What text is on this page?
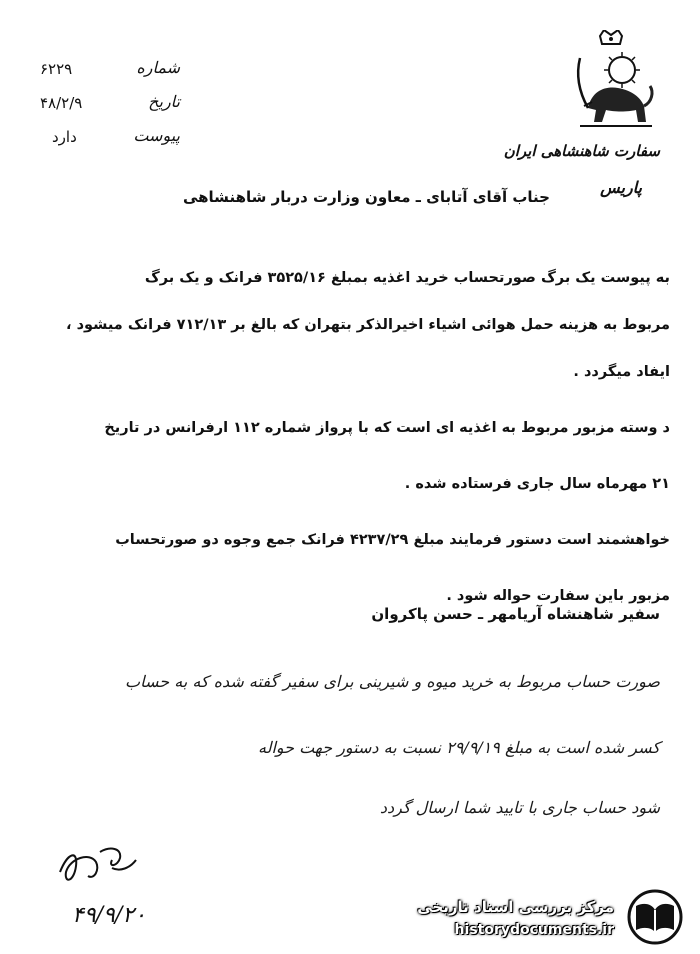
شماره
۶۲۲۹
تاریخ
۴۸/۲/۹
پیوست
دارد
سفارت شاهنشاهی ایران
پاریس
جناب آقای آتابای ـ معاون وزارت دربار شاهنشاهی
به پیوست یک برگ صورتحساب خرید اغذیه بمبلغ ۳۵۲۵/۱۶ فرانک و یک برگ
مربوط به هزینه حمل هوائی اشیاء اخیرالذکر بتهران که بالغ بر ۷۱۲/۱۳ فرانک میشود ،
ایفاد میگردد .
د وسته مزبور مربوط به اغذیه ای است که با پرواز شماره ۱۱۲ ارفرانس در تاریخ
۲۱ مهرماه سال جاری فرستاده شده .
خواهشمند است دستور فرمایند مبلغ ۴۲۳۷/۲۹ فرانک جمع وجوه دو صورتحساب
مزبور باین سفارت حواله شود .
سفیر شاهنشاه آریامهر ـ حسن پاکروان
صورت حساب مربوط به خرید میوه و شیرینی برای سفیر گفته شده که به حساب
کسر شده است به مبلغ ۲۹/۹/۱۹ نسبت به دستور جهت حواله
شود حساب جاری با تایید شما ارسال گردد
۴۹/۹/۲۰	مرکز بررسی اسناد تاریخی
historydocuments.ir
